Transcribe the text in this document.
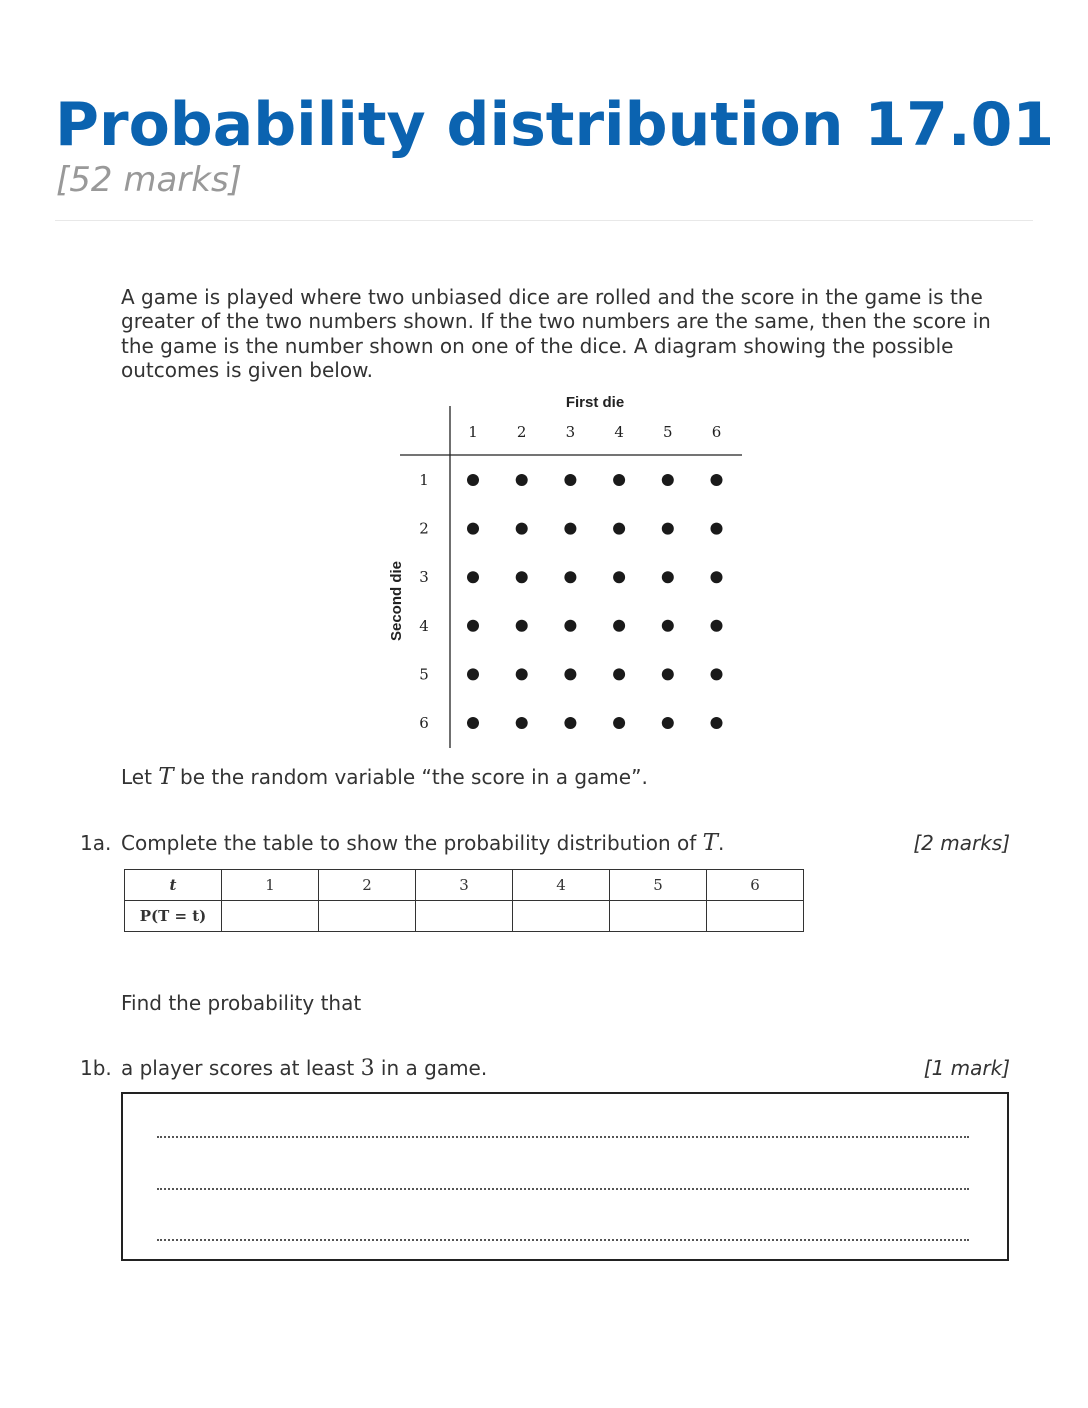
Probability distribution 17.01
[52 marks]

A game is played where two unbiased dice are rolled and the score in the game is the greater of the two numbers shown. If the two numbers are the same, then the score in the game is the number shown on one of the dice. A diagram showing the possible outcomes is given below.

First die
Second die
1	2	3	4	5	6
1
2
3
4
5
6
Let T be the random variable “the score in a game”.
1a. Complete the table to show the probability distribution of T.	[2 marks]
t	1	2	3	4	5	6
P(T = t)						
Find the probability that
1b. a player scores at least 3 in a game.	[1 mark]
